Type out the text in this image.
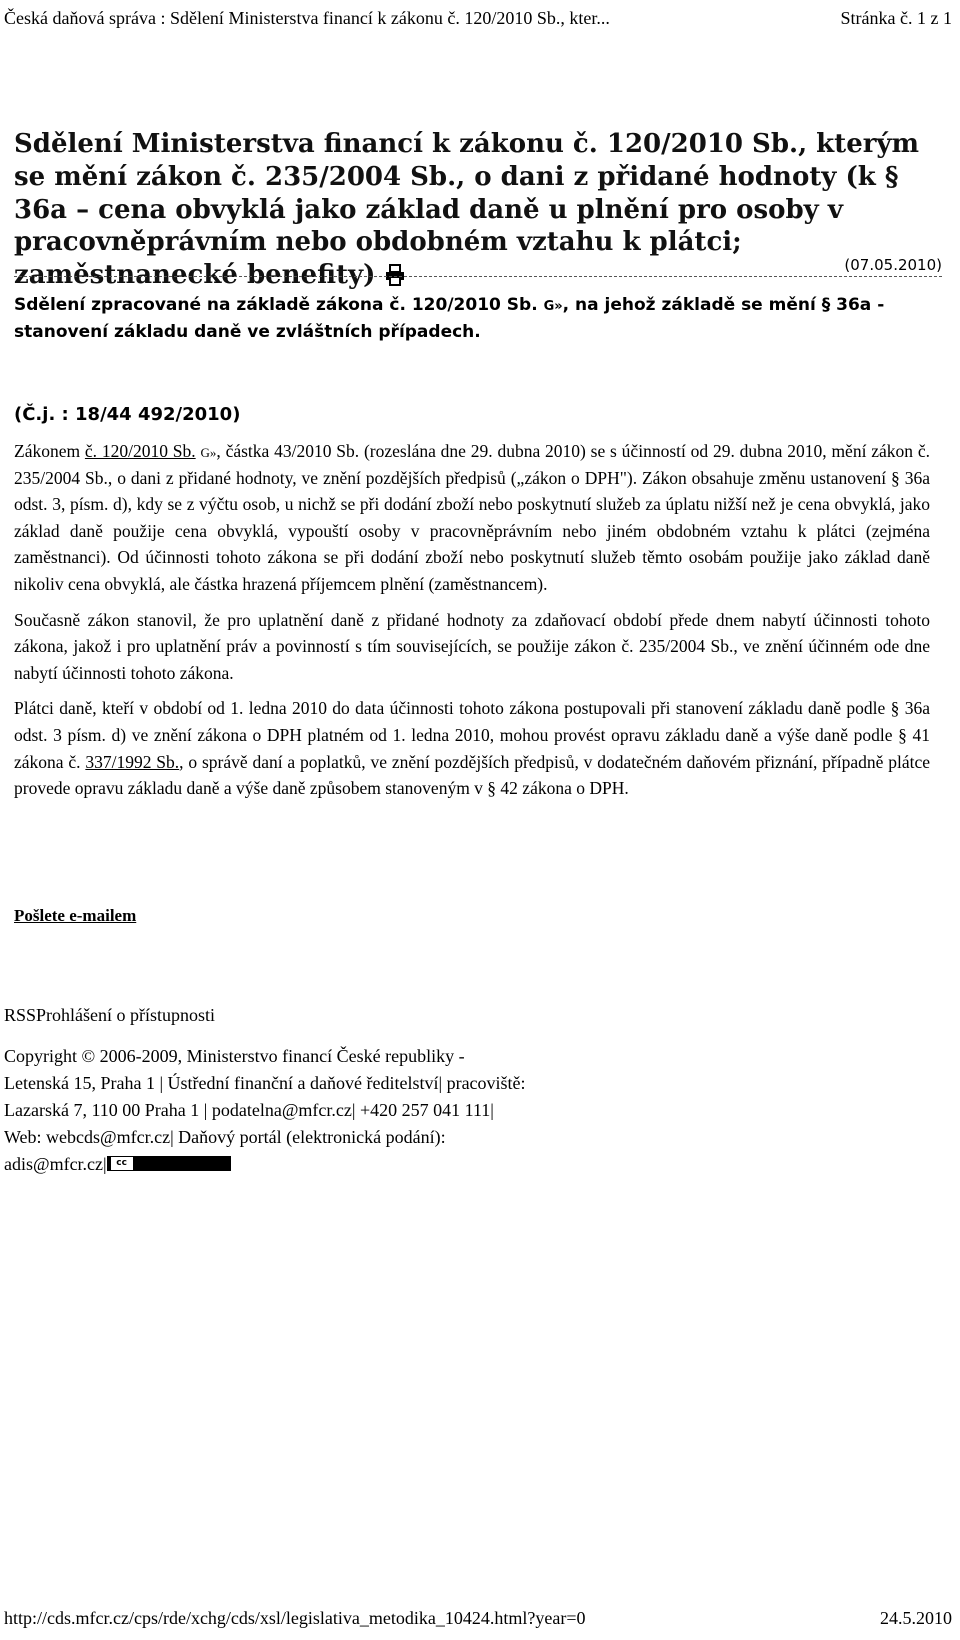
Česká daňová správa : Sdělení Ministerstva financí k zákonu č. 120/2010 Sb., kter...	Stránka č. 1 z 1
Sdělení Ministerstva financí k zákonu č. 120/2010 Sb., kterým se mění zákon č. 235/2004 Sb., o dani z přidané hodnoty (k § 36a – cena obvyklá jako základ daně u plnění pro osoby v pracovněprávním nebo obdobném vztahu k plátci; zaměstnanecké benefity)	(07.05.2010)
Sdělení zpracované na základě zákona č. 120/2010 Sb. G», na jehož základě se mění § 36a - stanovení základu daně ve zvláštních případech.
(Č.j. : 18/44 492/2010)

Zákonem č. 120/2010 Sb. G», částka 43/2010 Sb. (rozeslána dne 29. dubna 2010) se s účinností od 29. dubna 2010, mění zákon č. 235/2004 Sb., o dani z přidané hodnoty, ve znění pozdějších předpisů („zákon o DPH"). Zákon obsahuje změnu ustanovení § 36a odst. 3, písm. d), kdy se z výčtu osob, u nichž se při dodání zboží nebo poskytnutí služeb za úplatu nižší než je cena obvyklá, jako základ daně použije cena obvyklá, vypouští osoby v pracovněprávním nebo jiném obdobném vztahu k plátci (zejména zaměstnanci). Od účinnosti tohoto zákona se při dodání zboží nebo poskytnutí služeb těmto osobám použije jako základ daně nikoliv cena obvyklá, ale částka hrazená příjemcem plnění (zaměstnancem).

Současně zákon stanovil, že pro uplatnění daně z přidané hodnoty za zdaňovací období přede dnem nabytí účinnosti tohoto zákona, jakož i pro uplatnění práv a povinností s tím souvisejících, se použije zákon č. 235/2004 Sb., ve znění účinném ode dne nabytí účinnosti tohoto zákona.

Plátci daně, kteří v období od 1. ledna 2010 do data účinnosti tohoto zákona postupovali při stanovení základu daně podle § 36a odst. 3 písm. d) ve znění zákona o DPH platném od 1. ledna 2010, mohou provést opravu základu daně a výše daně podle § 41 zákona č. 337/1992 Sb., o správě daní a poplatků, ve znění pozdějších předpisů, v dodatečném daňovém přiznání, případně plátce provede opravu základu daně a výše daně způsobem stanoveným v § 42 zákona o DPH.

Pošlete e-mailem
RSSProhlášení o přístupnosti
Copyright © 2006-2009, Ministerstvo financí České republiky -
Letenská 15, Praha 1 | Ústřední finanční a daňové ředitelství| pracoviště:
Lazarská 7, 110 00 Praha 1 | podatelna@mfcr.cz| +420 257 041 111|
Web: webcds@mfcr.cz| Daňový portál (elektronická podání):
adis@mfcr.cz|	cc
http://cds.mfcr.cz/cps/rde/xchg/cds/xsl/legislativa_metodika_10424.html?year=0	24.5.2010
